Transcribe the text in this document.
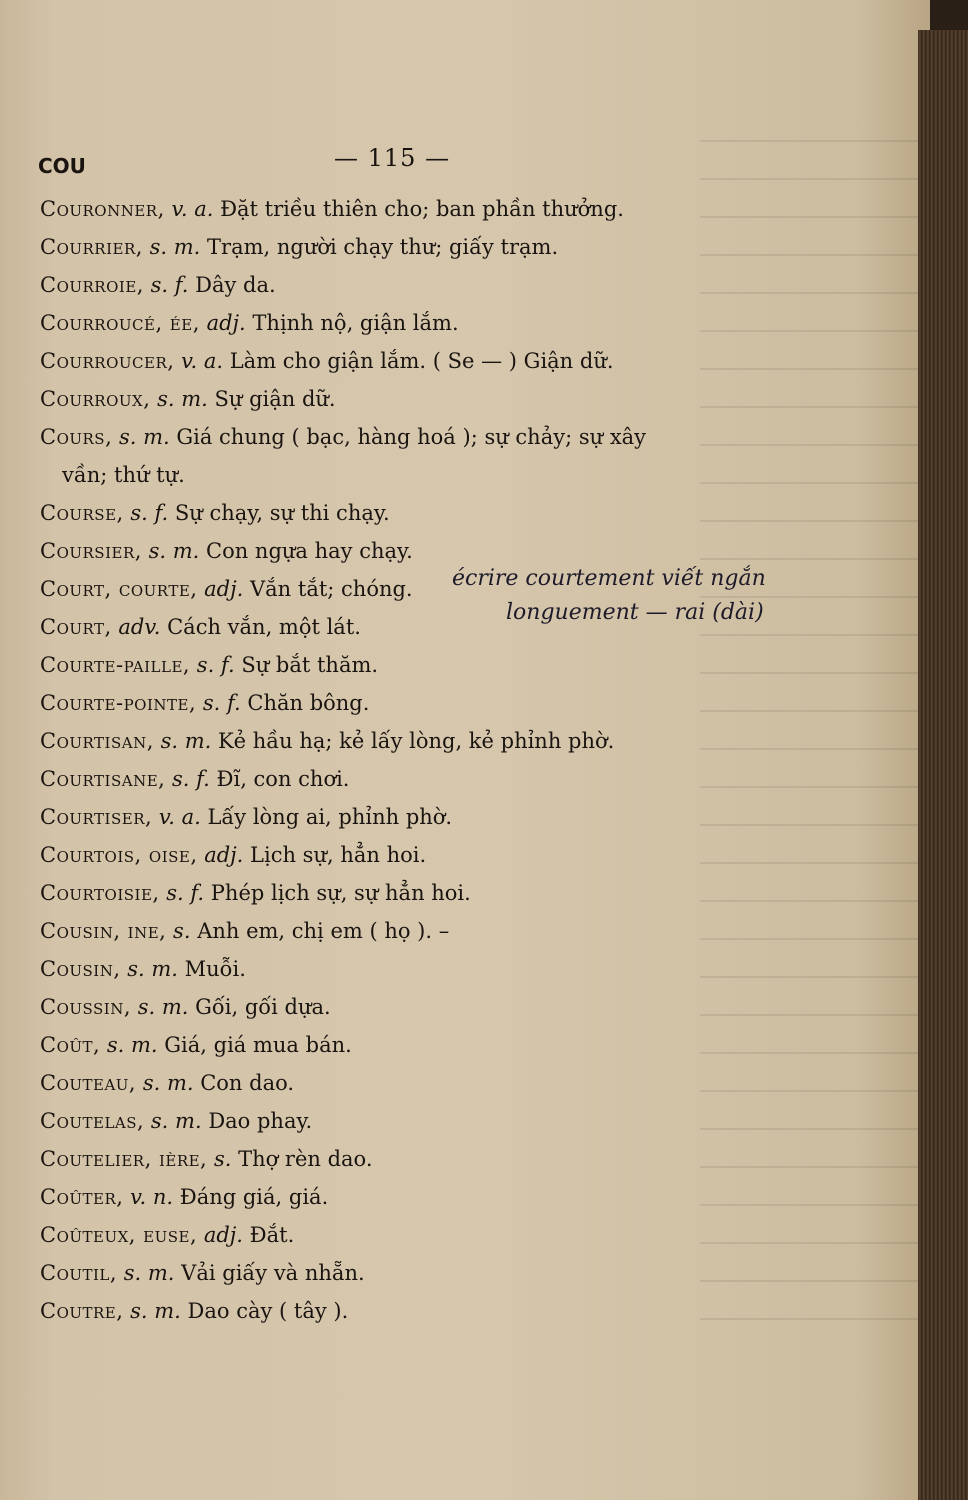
COU	— 115 —
Couronner, v. a. Đặt triều thiên cho; ban phần thưởng.
Courrier, s. m. Trạm, người chạy thư; giấy trạm.
Courroie, s. f. Dây da.
Courroucé, ée, adj. Thịnh nộ, giận lắm.
Courroucer, v. a. Làm cho giận lắm. ( Se — ) Giận dữ.
Courroux, s. m. Sự giận dữ.
Cours, s. m. Giá chung ( bạc, hàng hoá ); sự chảy; sự xây
vần; thứ tự.
Course, s. f. Sự chạy, sự thi chạy.
Coursier, s. m. Con ngựa hay chạy.
Court, courte, adj. Vắn tắt; chóng.
Court, adv. Cách vắn, một lát.
Courte-paille, s. f. Sự bắt thăm.
Courte-pointe, s. f. Chăn bông.
Courtisan, s. m. Kẻ hầu hạ; kẻ lấy lòng, kẻ phỉnh phờ.
Courtisane, s. f. Đĩ, con chơi.
Courtiser, v. a. Lấy lòng ai, phỉnh phờ.
Courtois, oise, adj. Lịch sự, hẳn hoi.
Courtoisie, s. f. Phép lịch sự, sự hẳn hoi.
Cousin, ine, s. Anh em, chị em ( họ ). –
Cousin, s. m. Muỗi.
Coussin, s. m. Gối, gối dựa.
Coût, s. m. Giá, giá mua bán.
Couteau, s. m. Con dao.
Coutelas, s. m. Dao phay.
Coutelier, ière, s. Thợ rèn dao.
Coûter, v. n. Đáng giá, giá.
Coûteux, euse, adj. Đắt.
Coutil, s. m. Vải giấy và nhẵn.
Coutre, s. m. Dao cày ( tây ).
écrire courtement viết ngắn
longuement — rai (dài)
